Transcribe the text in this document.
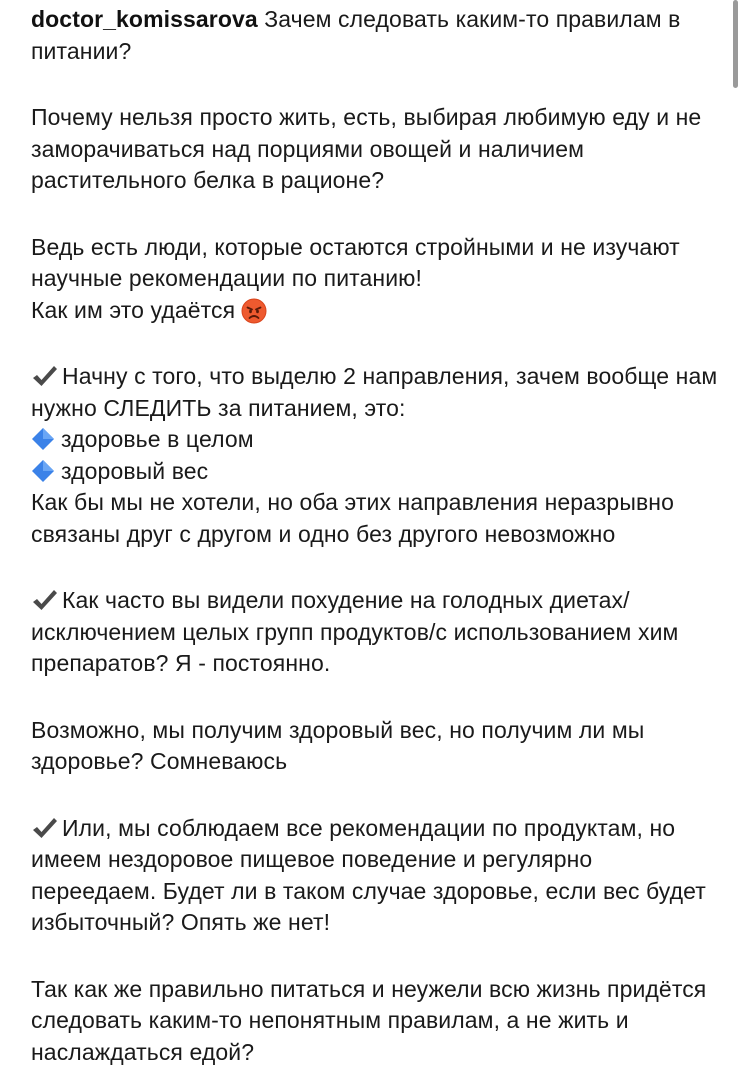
doctor_komissarova Зачем следовать каким-то правилам в питании?

Почему нельзя просто жить, есть, выбирая любимую еду и не заморачиваться над порциями овощей и наличием растительного белка в рационе?

Ведь есть люди, которые остаются стройными и не изучают научные рекомендации по питанию!
Как им это удаётся

Начну с того, что выделю 2 направления, зачем вообще нам нужно СЛЕДИТЬ за питанием, это:
здоровье в целом
здоровый вес
Как бы мы не хотели, но оба этих направления неразрывно связаны друг с другом и одно без другого невозможно

Как часто вы видели похудение на голодных диетах/ исключением целых групп продуктов/с использованием хим препаратов? Я - постоянно.

Возможно, мы получим здоровый вес, но получим ли мы здоровье? Сомневаюсь

Или, мы соблюдаем все рекомендации по продуктам, но имеем нездоровое пищевое поведение и регулярно переедаем. Будет ли в таком случае здоровье, если вес будет избыточный? Опять же нет!

Так как же правильно питаться и неужели всю жизнь придётся следовать каким-то непонятным правилам, а не жить и наслаждаться едой?
